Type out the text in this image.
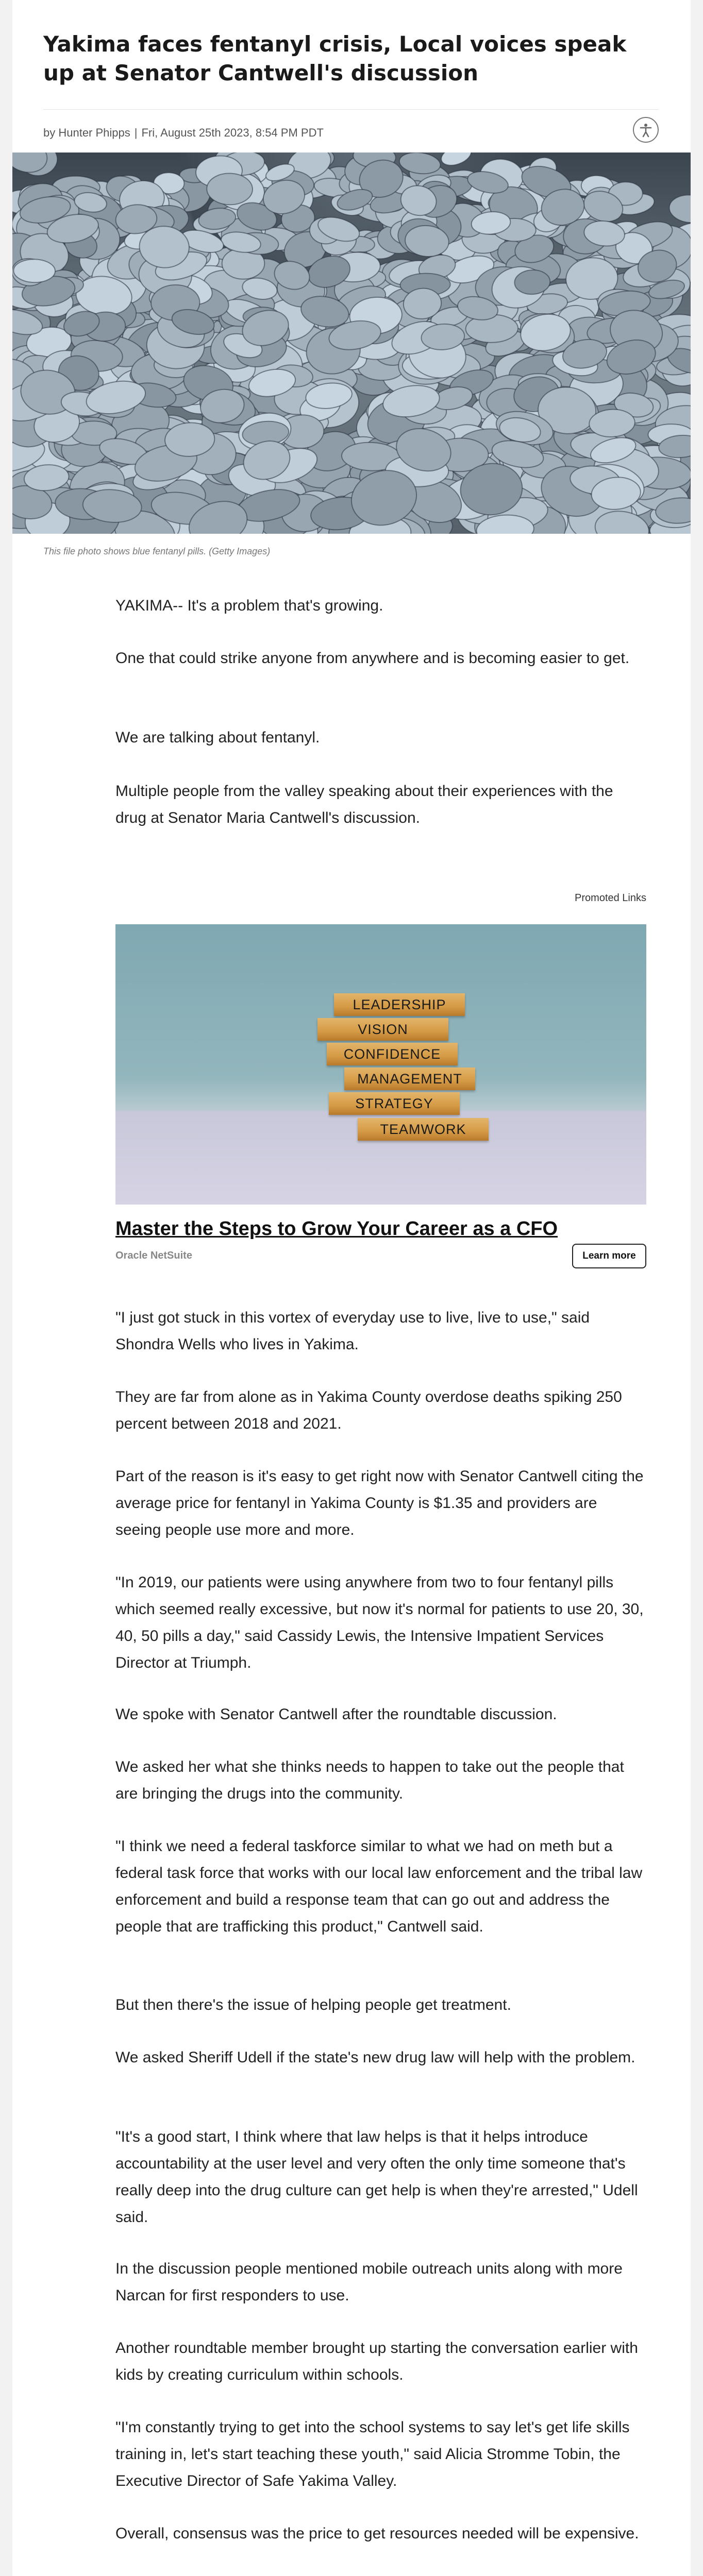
Yakima faces fentanyl crisis, Local voices speak up at Senator Cantwell's discussion
by Hunter Phipps | Fri, August 25th 2023, 8:54 PM PDT
This file photo shows blue fentanyl pills. (Getty Images)

YAKIMA-- It's a problem that's growing.

One that could strike anyone from anywhere and is becoming easier to get.

We are talking about fentanyl.

Multiple people from the valley speaking about their experiences with the drug at Senator Maria Cantwell's discussion.

Promoted Links
LEADERSHIP
VISION
CONFIDENCE
MANAGEMENT
STRATEGY
TEAMWORK
Master the Steps to Grow Your Career as a CFO
Oracle NetSuite	Learn more

"I just got stuck in this vortex of everyday use to live, live to use," said Shondra Wells who lives in Yakima.

They are far from alone as in Yakima County overdose deaths spiking 250 percent between 2018 and 2021.

Part of the reason is it's easy to get right now with Senator Cantwell citing the average price for fentanyl in Yakima County is $1.35 and providers are seeing people use more and more.

"In 2019, our patients were using anywhere from two to four fentanyl pills which seemed really excessive, but now it's normal for patients to use 20, 30, 40, 50 pills a day," said Cassidy Lewis, the Intensive Impatient Services Director at Triumph.

We spoke with Senator Cantwell after the roundtable discussion.

We asked her what she thinks needs to happen to take out the people that are bringing the drugs into the community.

"I think we need a federal taskforce similar to what we had on meth but a federal task force that works with our local law enforcement and the tribal law enforcement and build a response team that can go out and address the people that are trafficking this product," Cantwell said.

But then there's the issue of helping people get treatment.

We asked Sheriff Udell if the state's new drug law will help with the problem.

"It's a good start, I think where that law helps is that it helps introduce accountability at the user level and very often the only time someone that's really deep into the drug culture can get help is when they're arrested," Udell said.

In the discussion people mentioned mobile outreach units along with more Narcan for first responders to use.

Another roundtable member brought up starting the conversation earlier with kids by creating curriculum within schools.

"I'm constantly trying to get into the school systems to say let's get life skills training in, let's start teaching these youth," said Alicia Stromme Tobin, the Executive Director of Safe Yakima Valley.

Overall, consensus was the price to get resources needed will be expensive.
